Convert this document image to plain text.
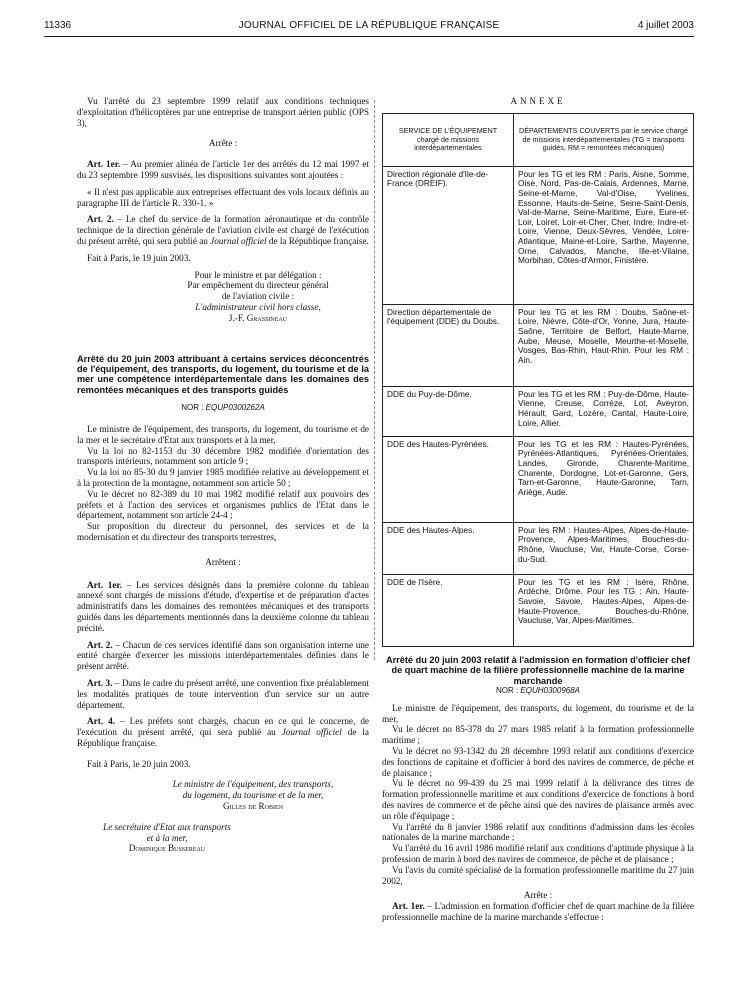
11336	JOURNAL OFFICIEL DE LA RÉPUBLIQUE FRANÇAISE	4 juillet 2003

Vu l'arrêté du 23 septembre 1999 relatif aux conditions techniques d'exploitation d'hélicoptères par une entreprise de transport aérien public (OPS 3),

Arrête :

Art. 1er. – Au premier alinéa de l'article 1er des arrêtés du 12 mai 1997 et du 23 septembre 1999 susvisés, les dispositions suivantes sont ajoutées :

« Il n'est pas applicable aux entreprises effectuant des vols locaux définis au paragraphe III de l'article R. 330-1. »

Art. 2. – Le chef du service de la formation aéronautique et du contrôle technique de la direction générale de l'aviation civile est chargé de l'exécution du présent arrêté, qui sera publié au Journal officiel de la République française.

Fait à Paris, le 19 juin 2003.

Pour le ministre et par délégation :
Par empêchement du directeur général
de l'aviation civile :
L'administrateur civil hors classe,
J.-F. Grassineau

Arrêté du 20 juin 2003 attribuant à certains services déconcentrés de l'équipement, des transports, du logement, du tourisme et de la mer une compétence interdépartementale dans les domaines des remontées mécaniques et des transports guidés

NOR : EQUP0300262A

Le ministre de l'équipement, des transports, du logement, du tourisme et de la mer et le secrétaire d'Etat aux transports et à la mer,

Vu la loi no 82-1153 du 30 décembre 1982 modifiée d'orientation des transports intérieurs, notamment son article 9 ;

Vu la loi no 85-30 du 9 janvier 1985 modifiée relative au développement et à la protection de la montagne, notamment son article 50 ;

Vu le décret no 82-389 du 10 mai 1982 modifié relatif aux pouvoirs des préfets et à l'action des services et organismes publics de l'Etat dans le département, notamment son article 24-4 ;

Sur proposition du directeur du personnel, des services et de la modernisation et du directeur des transports terrestres,

Arrêtent :

Art. 1er. – Les services désignés dans la première colonne du tableau annexé sont chargés de missions d'étude, d'expertise et de préparation d'actes administratifs dans les domaines des remontées mécaniques et des transports guidés dans les départements mentionnés dans la deuxième colonne du tableau précité.

Art. 2. – Chacun de ces services identifié dans son organisation interne une entité chargée d'exercer les missions interdépartementales définies dans le présent arrêté.

Art. 3. – Dans le cadre du présent arrêté, une convention fixe préalablement les modalités pratiques de toute intervention d'un service sur un autre département.

Art. 4. – Les préfets sont chargés, chacun en ce qui le concerne, de l'exécution du présent arrêté, qui sera publié au Journal officiel de la République française.

Fait à Paris, le 20 juin 2003.

Le ministre de l'équipement, des transports,
du logement, du tourisme et de la mer,
Gilles de Robien
Le secrétaire d'Etat aux transports
et à la mer,
Dominique Bussereau
ANNEXE
SERVICE DE L'ÉQUIPEMENT chargé de missions interdépartementales	DÉPARTEMENTS COUVERTS par le service chargé de missions interdépartementales (TG = transports guidés, RM = remontées mécaniques)
Direction régionale d'Ile-de-France (DREIF).	Pour les TG et les RM : Paris, Aisne, Somme, Oise, Nord, Pas-de-Calais, Ardennes, Marne, Seine-et-Marne, Val-d'Oise, Yvelines, Essonne, Hauts-de-Seine, Seine-Saint-Denis, Val-de-Marne, Seine-Maritime, Eure, Eure-et-Loir, Loiret, Loir-et-Cher, Cher, Indre, Indre-et-Loire, Vienne, Deux-Sèvres, Vendée, Loire-Atlantique, Maine-et-Loire, Sarthe, Mayenne, Orne, Calvados, Manche, Ille-et-Vilaine, Morbihan, Côtes-d'Armor, Finistère.
Direction départementale de l'équipement (DDE) du Doubs.	Pour les TG et les RM : Doubs, Saône-et-Loire, Nièvre, Côte-d'Or, Yonne, Jura, Haute-Saône, Territoire de Belfort, Haute-Marne, Aube, Meuse, Moselle, Meurthe-et-Moselle, Vosges, Bas-Rhin, Haut-Rhin. Pour les RM : Ain.
DDE du Puy-de-Dôme.	Pour les TG et les RM : Puy-de-Dôme, Haute-Vienne, Creuse, Corrèze, Lot, Aveyron, Hérault, Gard, Lozère, Cantal, Haute-Loire, Loire, Allier.
DDE des Hautes-Pyrénées.	Pour les TG et les RM : Hautes-Pyrénées, Pyrénées-Atlantiques, Pyrénées-Orientales, Landes, Gironde, Charente-Maritime, Charente, Dordogne, Lot-et-Garonne, Gers, Tarn-et-Garonne, Haute-Garonne, Tarn, Ariège, Aude.
DDE des Hautes-Alpes.	Pour les RM : Hautes-Alpes, Alpes-de-Haute-Provence, Alpes-Maritimes, Bouches-du-Rhône, Vaucluse, Var, Haute-Corse, Corse-du-Sud.
DDE de l'Isère.	Pour les TG et les RM : Isère, Rhône, Ardèche, Drôme. Pour les TG : Ain, Haute-Savoie, Savoie, Hautes-Alpes, Alpes-de-Haute-Provence, Bouches-du-Rhône, Vaucluse, Var, Alpes-Maritimes.

Arrêté du 20 juin 2003 relatif à l'admission en formation d'officier chef de quart machine de la filière professionnelle machine de la marine marchande

NOR : EQUH0300968A

Le ministre de l'équipement, des transports, du logement, du tourisme et de la mer,

Vu le décret no 85-378 du 27 mars 1985 relatif à la formation professionnelle maritime ;

Vu le décret no 93-1342 du 28 décembre 1993 relatif aux conditions d'exercice des fonctions de capitaine et d'officier à bord des navires de commerce, de pêche et de plaisance ;

Vu le décret no 99-439 du 25 mai 1999 relatif à la délivrance des titres de formation professionnelle maritime et aux conditions d'exercice de fonctions à bord des navires de commerce et de pêche ainsi que des navires de plaisance armés avec un rôle d'équipage ;

Vu l'arrêté du 8 janvier 1986 relatif aux conditions d'admission dans les écoles nationales de la marine marchande ;

Vu l'arrêté du 16 avril 1986 modifié relatif aux conditions d'aptitude physique à la profession de marin à bord des navires de commerce, de pêche et de plaisance ;

Vu l'avis du comité spécialisé de la formation professionnelle maritime du 27 juin 2002,

Arrête :

Art. 1er. – L'admission en formation d'officier chef de quart machine de la filière professionnelle machine de la marine marchande s'effectue :
